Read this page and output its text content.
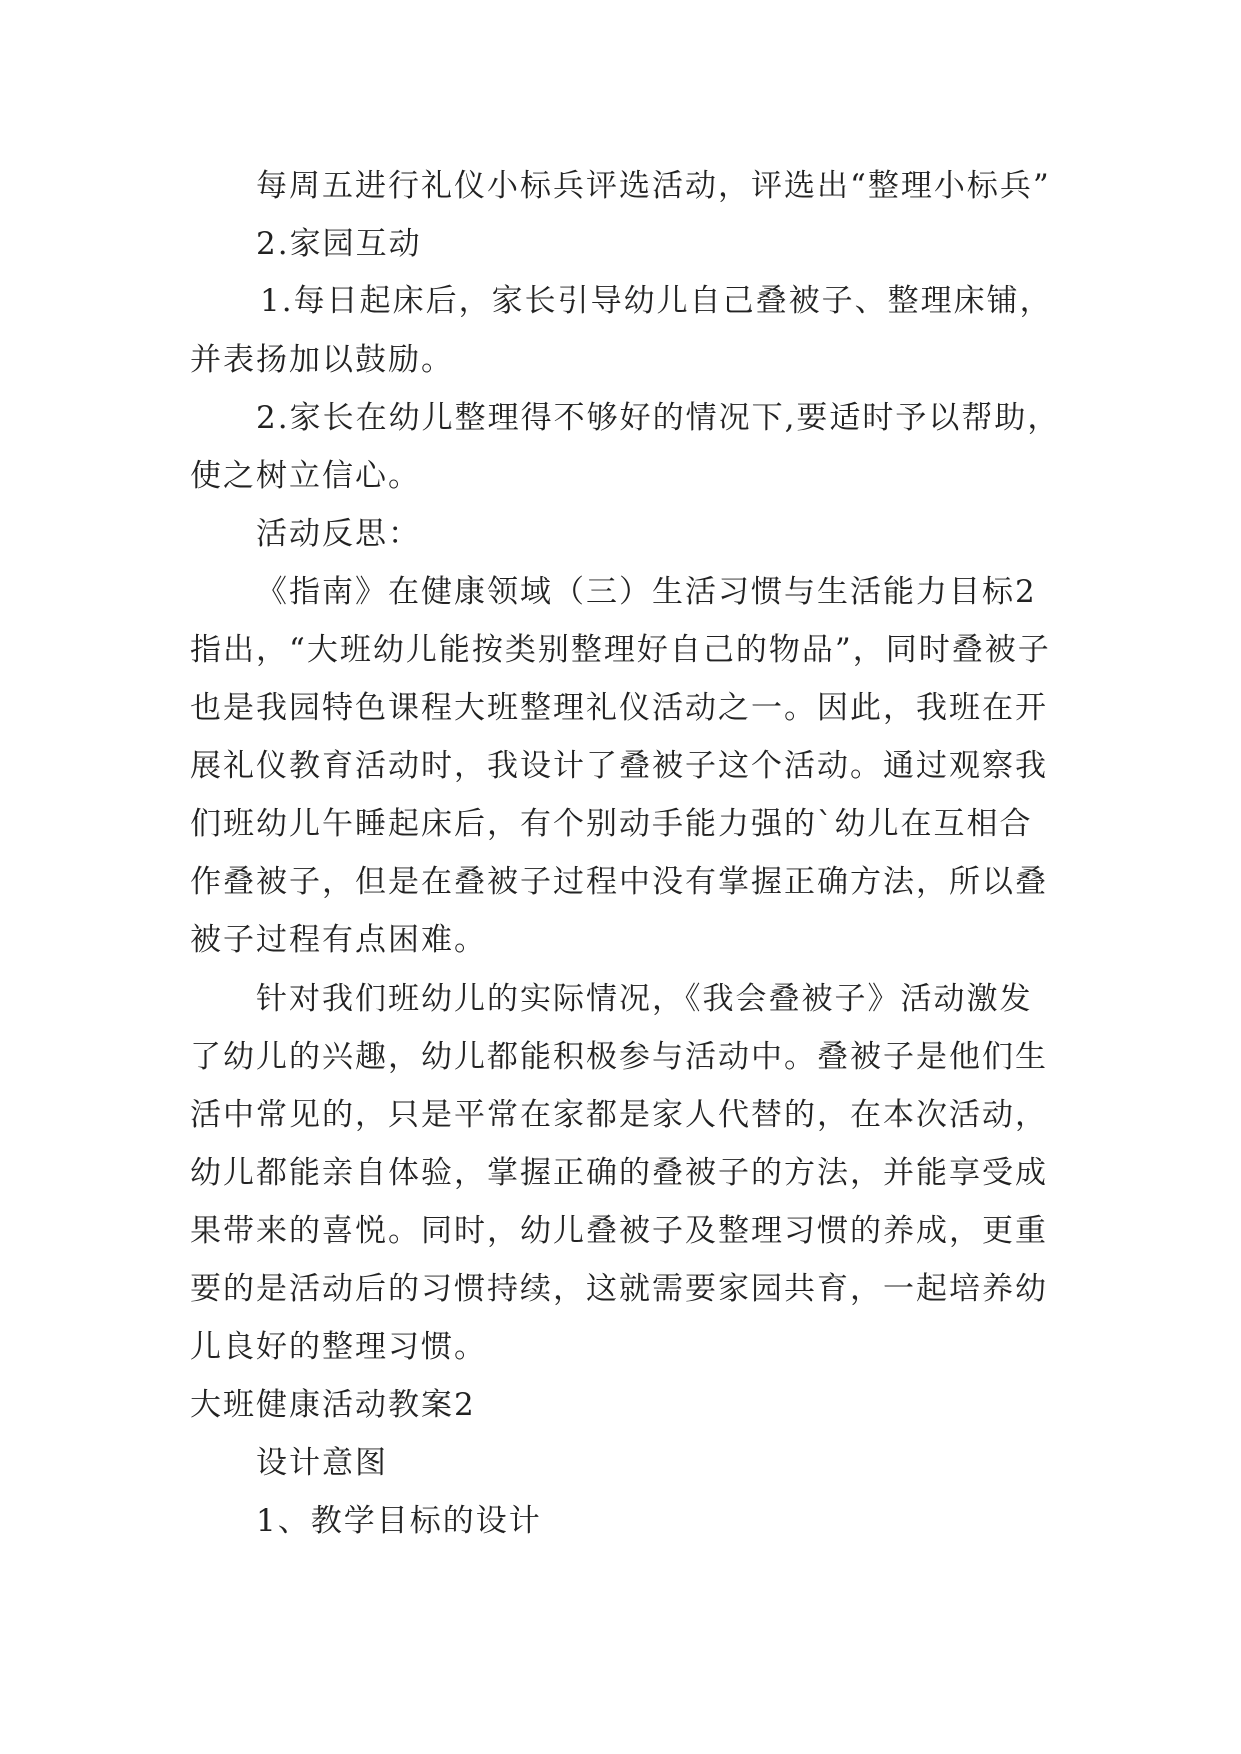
每周五进行礼仪小标兵评选活动，评选出“整理小标兵”
2.家园互动
1.每日起床后，家长引导幼儿自己叠被子、整理床铺，
并表扬加以鼓励。
2.家长在幼儿整理得不够好的情况下,要适时予以帮助，
使之树立信心。
活动反思：
《指南》在健康领域（三）生活习惯与生活能力目标2
指出，“大班幼儿能按类别整理好自己的物品”，同时叠被子
也是我园特色课程大班整理礼仪活动之一。因此，我班在开
展礼仪教育活动时，我设计了叠被子这个活动。通过观察我
们班幼儿午睡起床后，有个别动手能力强的`幼儿在互相合
作叠被子，但是在叠被子过程中没有掌握正确方法，所以叠
被子过程有点困难。
针对我们班幼儿的实际情况，《我会叠被子》活动激发
了幼儿的兴趣，幼儿都能积极参与活动中。叠被子是他们生
活中常见的，只是平常在家都是家人代替的，在本次活动，
幼儿都能亲自体验，掌握正确的叠被子的方法，并能享受成
果带来的喜悦。同时，幼儿叠被子及整理习惯的养成，更重
要的是活动后的习惯持续，这就需要家园共育，一起培养幼
儿良好的整理习惯。
大班健康活动教案2
设计意图
1、教学目标的设计
